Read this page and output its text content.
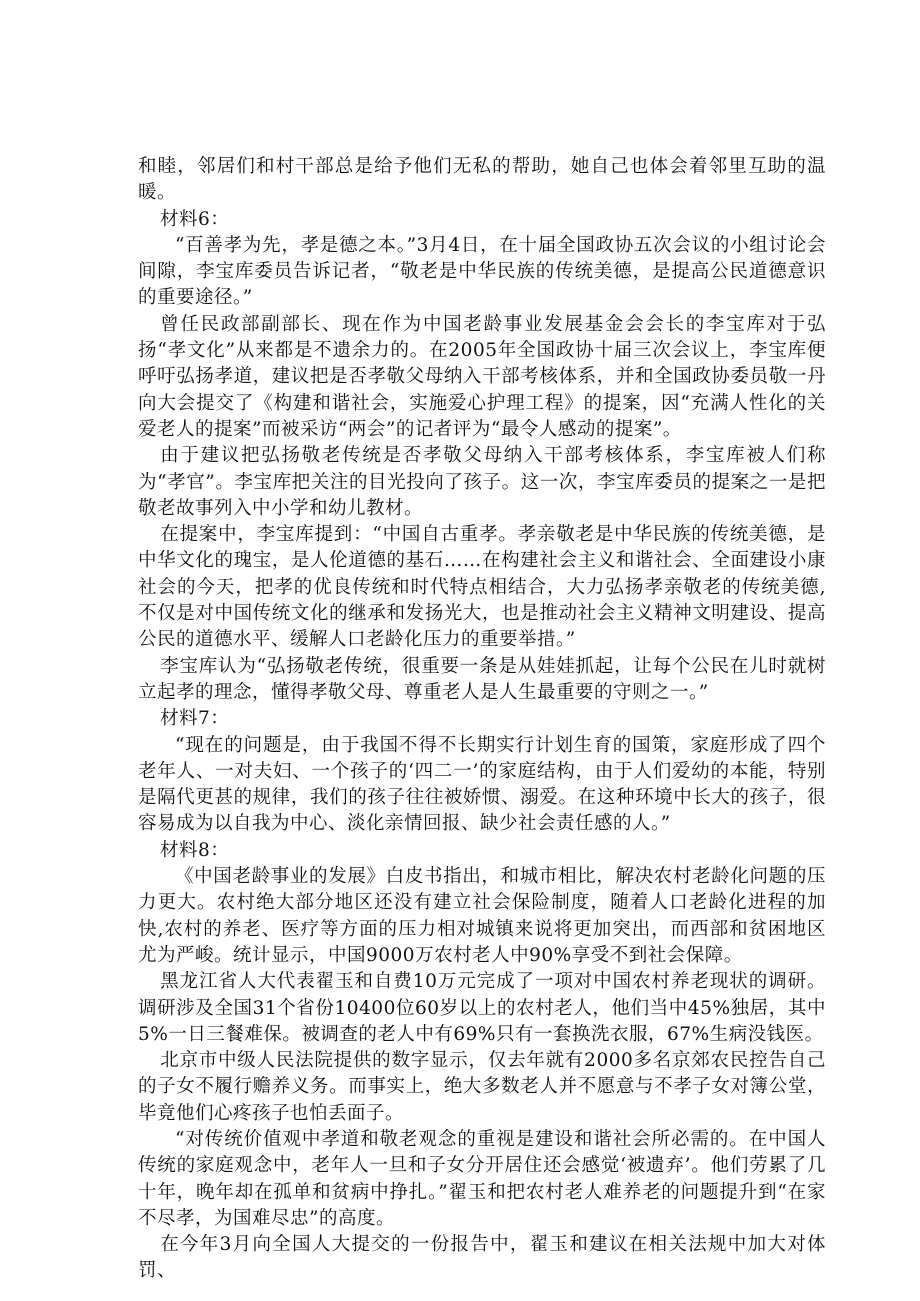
和睦，邻居们和村干部总是给予他们无私的帮助，她自己也体会着邻里互助的温暖。

材料6：

“百善孝为先，孝是德之本。”3月4日，在十届全国政协五次会议的小组讨论会间隙，李宝库委员告诉记者，“敬老是中华民族的传统美德，是提高公民道德意识的重要途径。”

曾任民政部副部长、现在作为中国老龄事业发展基金会会长的李宝库对于弘扬“孝文化”从来都是不遗余力的。在2005年全国政协十届三次会议上，李宝库便呼吁弘扬孝道，建议把是否孝敬父母纳入干部考核体系，并和全国政协委员敬一丹向大会提交了《构建和谐社会，实施爱心护理工程》的提案，因“充满人性化的关爱老人的提案”而被采访“两会”的记者评为“最令人感动的提案”。

由于建议把弘扬敬老传统是否孝敬父母纳入干部考核体系，李宝库被人们称为“孝官”。李宝库把关注的目光投向了孩子。这一次，李宝库委员的提案之一是把敬老故事列入中小学和幼儿教材。

在提案中，李宝库提到：“中国自古重孝。孝亲敬老是中华民族的传统美德，是中华文化的瑰宝，是人伦道德的基石……在构建社会主义和谐社会、全面建设小康社会的今天，把孝的优良传统和时代特点相结合，大力弘扬孝亲敬老的传统美德,不仅是对中国传统文化的继承和发扬光大，也是推动社会主义精神文明建设、提高公民的道德水平、缓解人口老龄化压力的重要举措。”

李宝库认为“弘扬敬老传统，很重要一条是从娃娃抓起，让每个公民在儿时就树立起孝的理念，懂得孝敬父母、尊重老人是人生最重要的守则之一。”

材料7：

“现在的问题是，由于我国不得不长期实行计划生育的国策，家庭形成了四个老年人、一对夫妇、一个孩子的‘四二一’的家庭结构，由于人们爱幼的本能，特别是隔代更甚的规律，我们的孩子往往被娇惯、溺爱。在这种环境中长大的孩子，很容易成为以自我为中心、淡化亲情回报、缺少社会责任感的人。”

材料8：

《中国老龄事业的发展》白皮书指出，和城市相比，解决农村老龄化问题的压力更大。农村绝大部分地区还没有建立社会保险制度，随着人口老龄化进程的加快,农村的养老、医疗等方面的压力相对城镇来说将更加突出，而西部和贫困地区尤为严峻。统计显示，中国9000万农村老人中90%享受不到社会保障。

黑龙江省人大代表翟玉和自费10万元完成了一项对中国农村养老现状的调研。调研涉及全国31个省份10400位60岁以上的农村老人，他们当中45%独居，其中5%一日三餐难保。被调查的老人中有69%只有一套换洗衣服，67%生病没钱医。

北京市中级人民法院提供的数字显示，仅去年就有2000多名京郊农民控告自己的子女不履行赡养义务。而事实上，绝大多数老人并不愿意与不孝子女对簿公堂，毕竟他们心疼孩子也怕丢面子。

“对传统价值观中孝道和敬老观念的重视是建设和谐社会所必需的。在中国人传统的家庭观念中，老年人一旦和子女分开居住还会感觉‘被遗弃’。他们劳累了几十年，晚年却在孤单和贫病中挣扎。”翟玉和把农村老人难养老的问题提升到“在家不尽孝，为国难尽忠”的高度。

在今年3月向全国人大提交的一份报告中，翟玉和建议在相关法规中加大对体罚、
